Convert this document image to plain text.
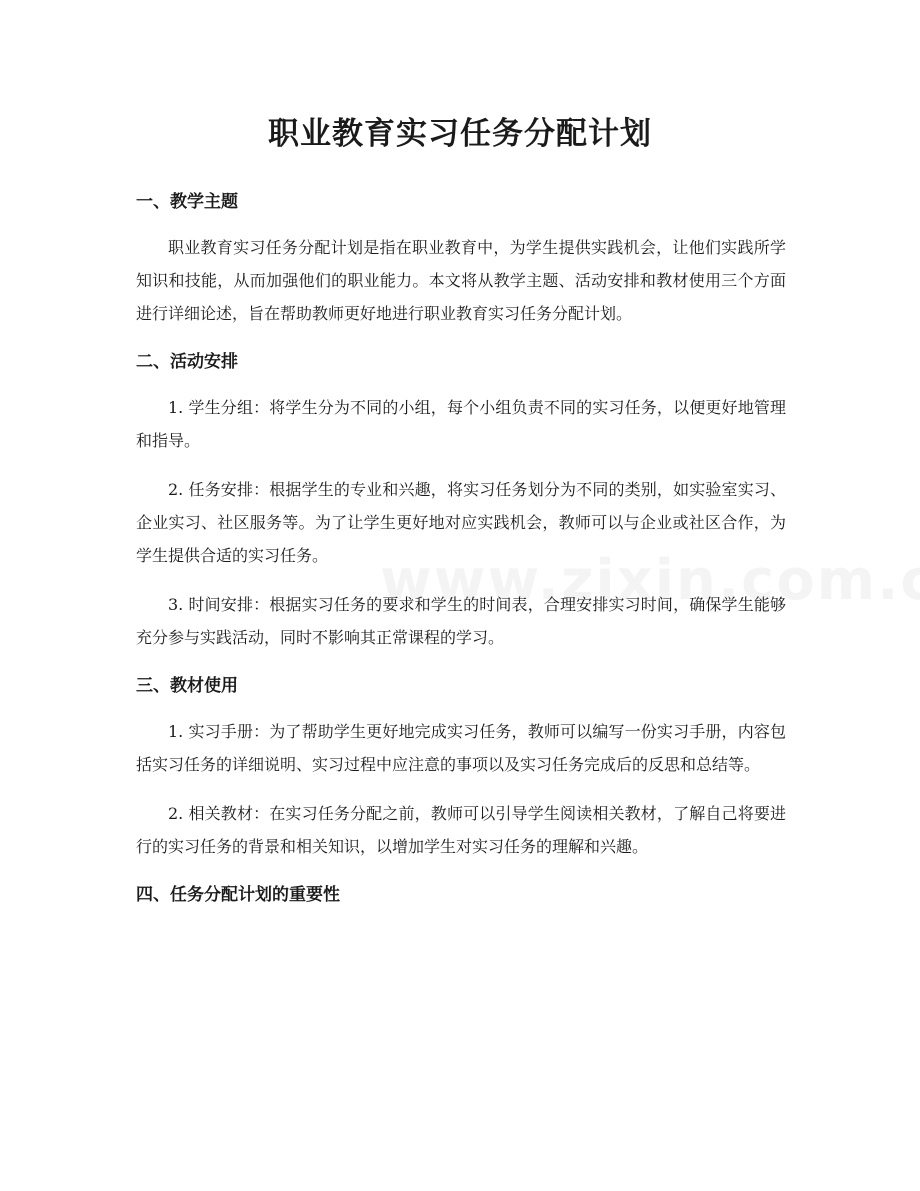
职业教育实习任务分配计划
一、教学主题

职业教育实习任务分配计划是指在职业教育中，为学生提供实践机会，让他们实践所学知识和技能，从而加强他们的职业能力。本文将从教学主题、活动安排和教材使用三个方面进行详细论述，旨在帮助教师更好地进行职业教育实习任务分配计划。

二、活动安排

1. 学生分组：将学生分为不同的小组，每个小组负责不同的实习任务，以便更好地管理和指导。

2. 任务安排：根据学生的专业和兴趣，将实习任务划分为不同的类别，如实验室实习、企业实习、社区服务等。为了让学生更好地对应实践机会，教师可以与企业或社区合作，为学生提供合适的实习任务。

3. 时间安排：根据实习任务的要求和学生的时间表，合理安排实习时间，确保学生能够充分参与实践活动，同时不影响其正常课程的学习。

三、教材使用

1. 实习手册：为了帮助学生更好地完成实习任务，教师可以编写一份实习手册，内容包括实习任务的详细说明、实习过程中应注意的事项以及实习任务完成后的反思和总结等。

2. 相关教材：在实习任务分配之前，教师可以引导学生阅读相关教材，了解自己将要进行的实习任务的背景和相关知识，以增加学生对实习任务的理解和兴趣。

四、任务分配计划的重要性
